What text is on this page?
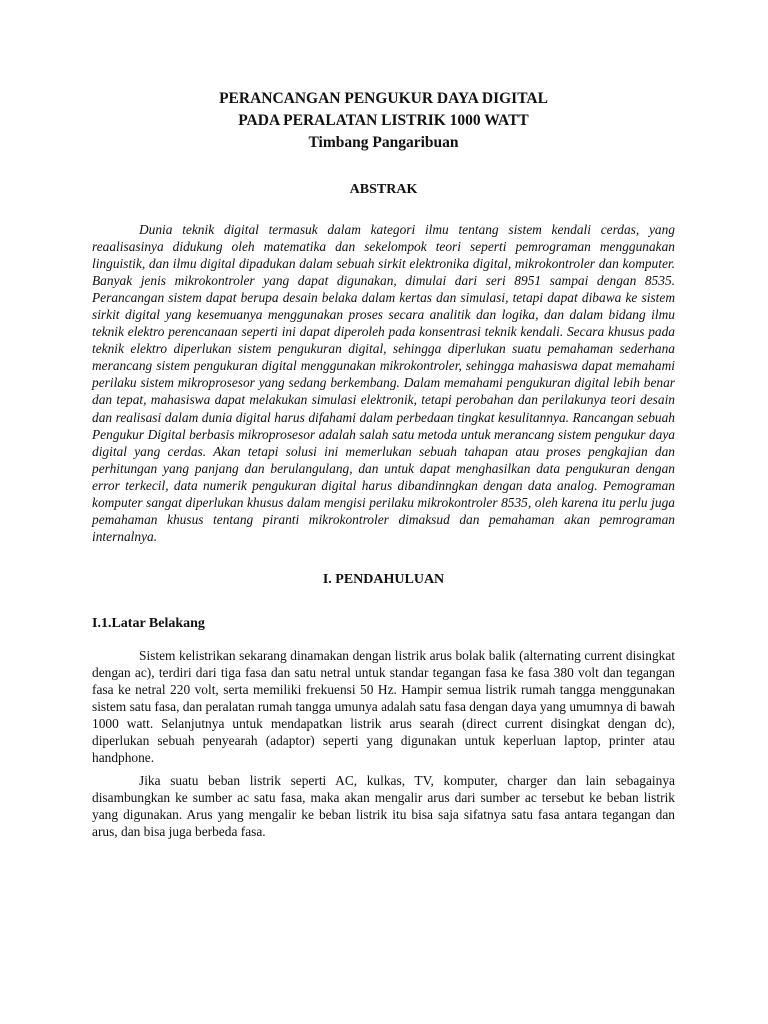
PERANCANGAN PENGUKUR DAYA DIGITAL

PADA PERALATAN LISTRIK 1000 WATT

Timbang Pangaribuan

ABSTRAK

Dunia teknik digital termasuk dalam kategori ilmu tentang sistem kendali cerdas, yang reaalisasinya didukung oleh matematika dan sekelompok teori seperti pemrograman menggunakan linguistik, dan ilmu digital dipadukan dalam sebuah sirkit elektronika digital, mikrokontroler dan komputer. Banyak jenis mikrokontroler yang dapat digunakan, dimulai dari seri 8951 sampai dengan 8535. Perancangan sistem dapat berupa desain belaka dalam kertas dan simulasi, tetapi dapat dibawa ke sistem sirkit digital yang kesemuanya menggunakan proses secara analitik dan logika, dan dalam bidang ilmu teknik elektro perencanaan seperti ini dapat diperoleh pada konsentrasi teknik kendali. Secara khusus pada teknik elektro diperlukan sistem pengukuran digital, sehingga diperlukan suatu pemahaman sederhana merancang sistem pengukuran digital menggunakan mikrokontroler, sehingga mahasiswa dapat memahami perilaku sistem mikroprosesor yang sedang berkembang. Dalam memahami pengukuran digital lebih benar dan tepat, mahasiswa dapat melakukan simulasi elektronik, tetapi perobahan dan perilakunya teori desain dan realisasi dalam dunia digital harus difahami dalam perbedaan tingkat kesulitannya. Rancangan sebuah Pengukur Digital berbasis mikroprosesor adalah salah satu metoda untuk merancang sistem pengukur daya digital yang cerdas. Akan tetapi solusi ini memerlukan sebuah tahapan atau proses pengkajian dan perhitungan yang panjang dan berulangulang, dan untuk dapat menghasilkan data pengukuran dengan error terkecil, data numerik pengukuran digital harus dibandinngkan dengan data analog. Pemograman komputer sangat diperlukan khusus dalam mengisi perilaku mikrokontroler 8535, oleh karena itu perlu juga pemahaman khusus tentang piranti mikrokontroler dimaksud dan pemahaman akan pemrograman internalnya.

I. PENDAHULUAN

I.1.Latar Belakang

Sistem kelistrikan sekarang dinamakan dengan listrik arus bolak balik (alternating current disingkat dengan ac), terdiri dari tiga fasa dan satu netral untuk standar tegangan fasa ke fasa 380 volt dan tegangan fasa ke netral 220 volt, serta memiliki frekuensi 50 Hz. Hampir semua listrik rumah tangga menggunakan sistem satu fasa, dan peralatan rumah tangga umunya adalah satu fasa dengan daya yang umumnya di bawah 1000 watt. Selanjutnya untuk mendapatkan listrik arus searah (direct current disingkat dengan dc), diperlukan sebuah penyearah (adaptor) seperti yang digunakan untuk keperluan laptop, printer atau handphone.

Jika suatu beban listrik seperti AC, kulkas, TV, komputer, charger dan lain sebagainya disambungkan ke sumber ac satu fasa, maka akan mengalir arus dari sumber ac tersebut ke beban listrik yang digunakan. Arus yang mengalir ke beban listrik itu bisa saja sifatnya satu fasa antara tegangan dan arus, dan bisa juga berbeda fasa.
